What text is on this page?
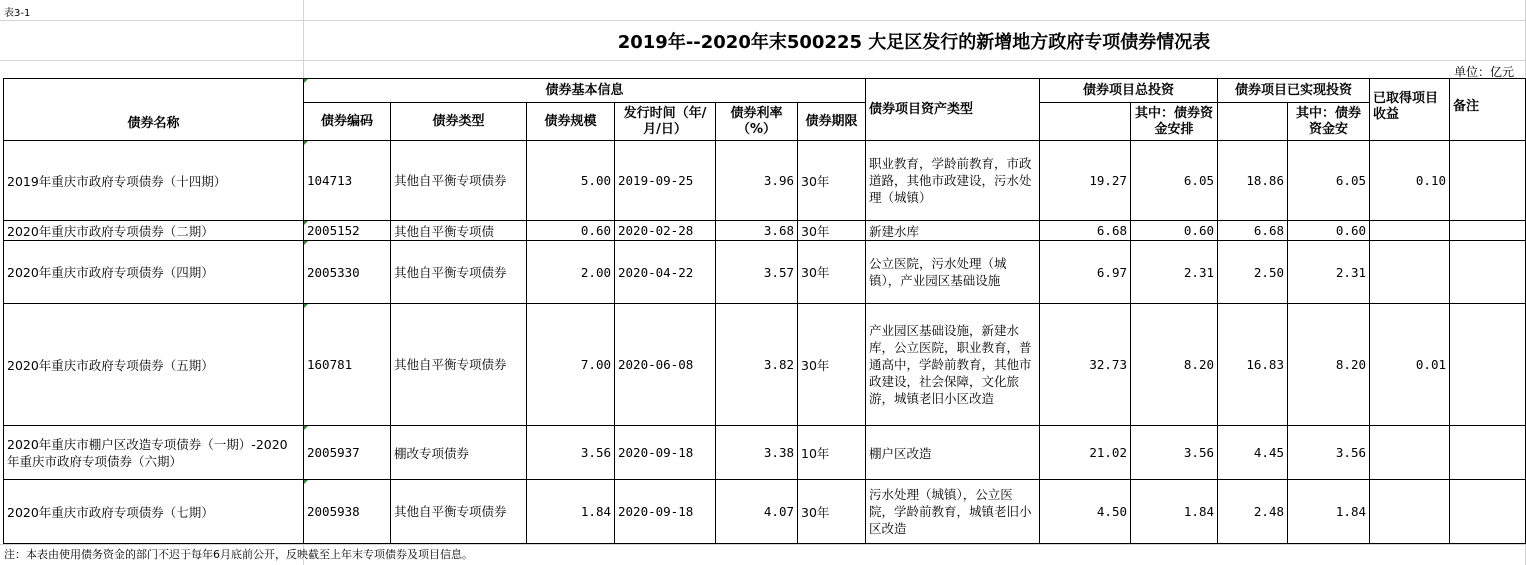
表3-1
2019年--2020年末500225 大足区发行的新增地方政府专项债券情况表
单位：亿元
债券名称	债券基本信息						债券项目资产类型	债券项目总投资		债券项目已实现投资		已取得项目收益	备注
	债券编码	债券类型	债券规模	发行时间（年/月/日）	债券利率（%）	债券期限			其中：债券资金安排		其中：债券资金安		
2019年重庆市政府专项债券（十四期）	104713	其他自平衡专项债券	5.00	2019-09-25	3.96	30年	职业教育，学龄前教育，市政道路，其他市政建设，污水处理（城镇）	19.27	6.05	18.86	6.05	0.10	
2020年重庆市政府专项债券（二期）	2005152	其他自平衡专项债	0.60	2020-02-28	3.68	30年	新建水库	6.68	0.60	6.68	0.60		
2020年重庆市政府专项债券（四期）	2005330	其他自平衡专项债券	2.00	2020-04-22	3.57	30年	公立医院，污水处理（城镇），产业园区基础设施	6.97	2.31	2.50	2.31		
2020年重庆市政府专项债券（五期）	160781	其他自平衡专项债券	7.00	2020-06-08	3.82	30年	产业园区基础设施，新建水库，公立医院，职业教育，普通高中，学龄前教育，其他市政建设，社会保障，文化旅游，城镇老旧小区改造	32.73	8.20	16.83	8.20	0.01	
2020年重庆市棚户区改造专项债券（一期）-2020年重庆市政府专项债券（六期）	2005937	棚改专项债券	3.56	2020-09-18	3.38	10年	棚户区改造	21.02	3.56	4.45	3.56		
2020年重庆市政府专项债券（七期）	2005938	其他自平衡专项债券	1.84	2020-09-18	4.07	30年	污水处理（城镇），公立医院，学龄前教育，城镇老旧小区改造	4.50	1.84	2.48	1.84		
注：本表由使用债务资金的部门不迟于每年6月底前公开，反映截至上年末专项债券及项目信息。
